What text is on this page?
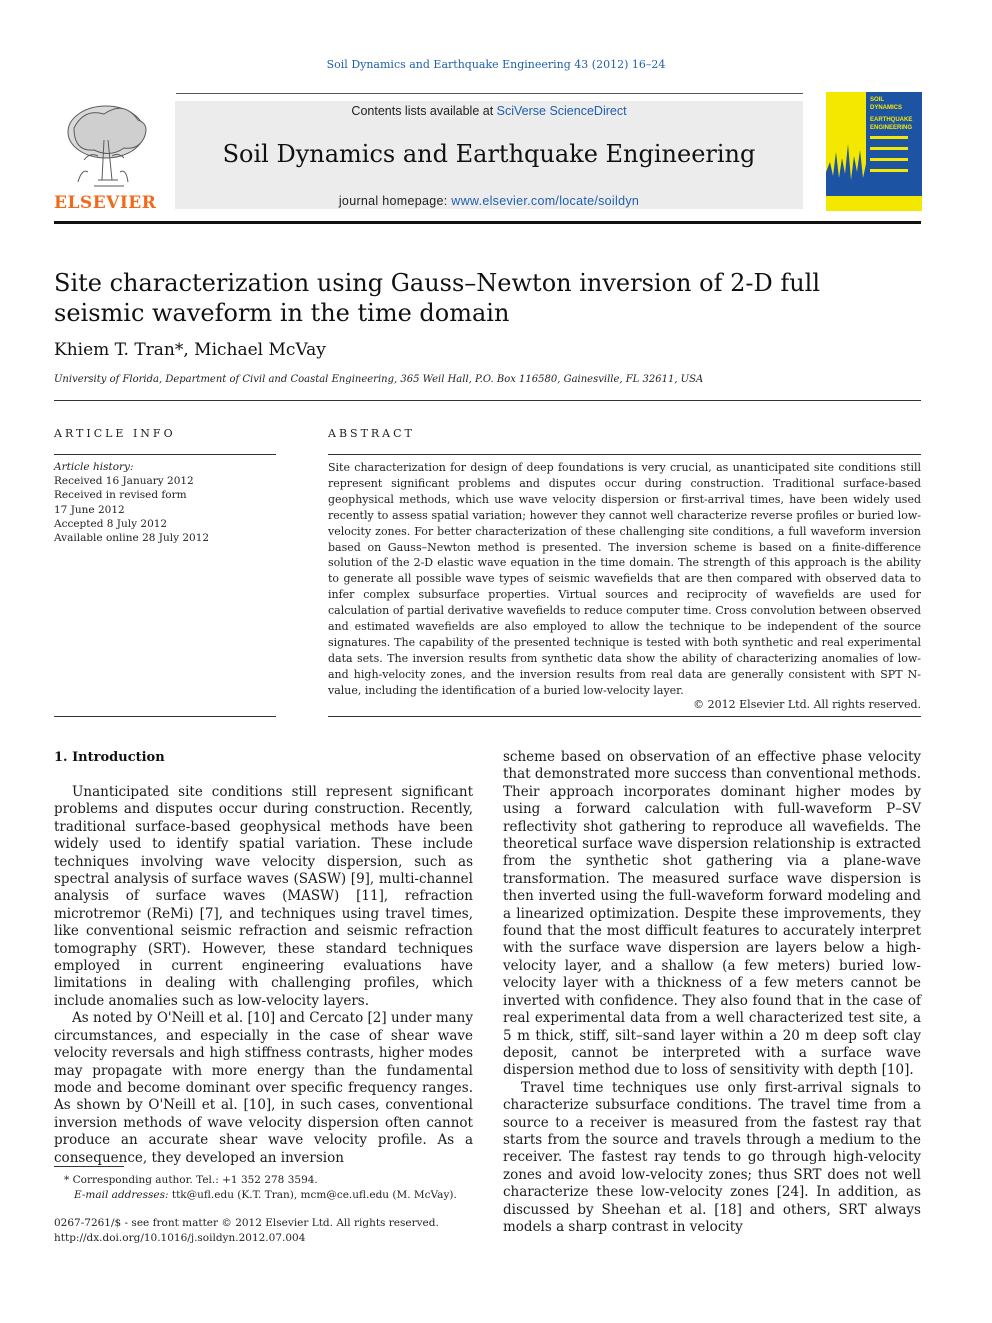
Soil Dynamics and Earthquake Engineering 43 (2012) 16–24
ELSEVIER
Contents lists available at SciVerse ScienceDirect
Soil Dynamics and Earthquake Engineering
journal homepage: www.elsevier.com/locate/soildyn
SOIL
DYNAMICS
EARTHQUAKE
ENGINEERING
Site characterization using Gauss–Newton inversion of 2-D full seismic waveform in the time domain
Khiem T. Tran*, Michael McVay
University of Florida, Department of Civil and Coastal Engineering, 365 Weil Hall, P.O. Box 116580, Gainesville, FL 32611, USA
ARTICLE INFO
Article history:
Received 16 January 2012
Received in revised form
17 June 2012
Accepted 8 July 2012
Available online 28 July 2012
ABSTRACT
Site characterization for design of deep foundations is very crucial, as unanticipated site conditions still represent significant problems and disputes occur during construction. Traditional surface-based geophysical methods, which use wave velocity dispersion or first-arrival times, have been widely used recently to assess spatial variation; however they cannot well characterize reverse profiles or buried low-velocity zones. For better characterization of these challenging site conditions, a full waveform inversion based on Gauss–Newton method is presented. The inversion scheme is based on a finite-difference solution of the 2-D elastic wave equation in the time domain. The strength of this approach is the ability to generate all possible wave types of seismic wavefields that are then compared with observed data to infer complex subsurface properties. Virtual sources and reciprocity of wavefields are used for calculation of partial derivative wavefields to reduce computer time. Cross convolution between observed and estimated wavefields are also employed to allow the technique to be independent of the source signatures. The capability of the presented technique is tested with both synthetic and real experimental data sets. The inversion results from synthetic data show the ability of characterizing anomalies of low- and high-velocity zones, and the inversion results from real data are generally consistent with SPT N-value, including the identification of a buried low-velocity layer.
© 2012 Elsevier Ltd. All rights reserved.
1. Introduction

Unanticipated site conditions still represent significant problems and disputes occur during construction. Recently, traditional surface-based geophysical methods have been widely used to identify spatial variation. These include techniques involving wave velocity dispersion, such as spectral analysis of surface waves (SASW) [9], multi-channel analysis of surface waves (MASW) [11], refraction microtremor (ReMi) [7], and techniques using travel times, like conventional seismic refraction and seismic refraction tomography (SRT). However, these standard techniques employed in current engineering evaluations have limitations in dealing with challenging profiles, which include anomalies such as low-velocity layers.

As noted by O'Neill et al. [10] and Cercato [2] under many circumstances, and especially in the case of shear wave velocity reversals and high stiffness contrasts, higher modes may propagate with more energy than the fundamental mode and become dominant over specific frequency ranges. As shown by O'Neill et al. [10], in such cases, conventional inversion methods of wave velocity dispersion often cannot produce an accurate shear wave velocity profile. As a consequence, they developed an inversion

scheme based on observation of an effective phase velocity that demonstrated more success than conventional methods. Their approach incorporates dominant higher modes by using a forward calculation with full-waveform P–SV reflectivity shot gathering to reproduce all wavefields. The theoretical surface wave dispersion relationship is extracted from the synthetic shot gathering via a plane-wave transformation. The measured surface wave dispersion is then inverted using the full-waveform forward modeling and a linearized optimization. Despite these improvements, they found that the most difficult features to accurately interpret with the surface wave dispersion are layers below a high-velocity layer, and a shallow (a few meters) buried low-velocity layer with a thickness of a few meters cannot be inverted with confidence. They also found that in the case of real experimental data from a well characterized test site, a 5 m thick, stiff, silt–sand layer within a 20 m deep soft clay deposit, cannot be interpreted with a surface wave dispersion method due to loss of sensitivity with depth [10].

Travel time techniques use only first-arrival signals to characterize subsurface conditions. The travel time from a source to a receiver is measured from the fastest ray that starts from the source and travels through a medium to the receiver. The fastest ray tends to go through high-velocity zones and avoid low-velocity zones; thus SRT does not well characterize these low-velocity zones [24]. In addition, as discussed by Sheehan et al. [18] and others, SRT always models a sharp contrast in velocity

* Corresponding author. Tel.: +1 352 278 3594.
E-mail addresses: ttk@ufl.edu (K.T. Tran), mcm@ce.ufl.edu (M. McVay).
0267-7261/$ - see front matter © 2012 Elsevier Ltd. All rights reserved.
http://dx.doi.org/10.1016/j.soildyn.2012.07.004
